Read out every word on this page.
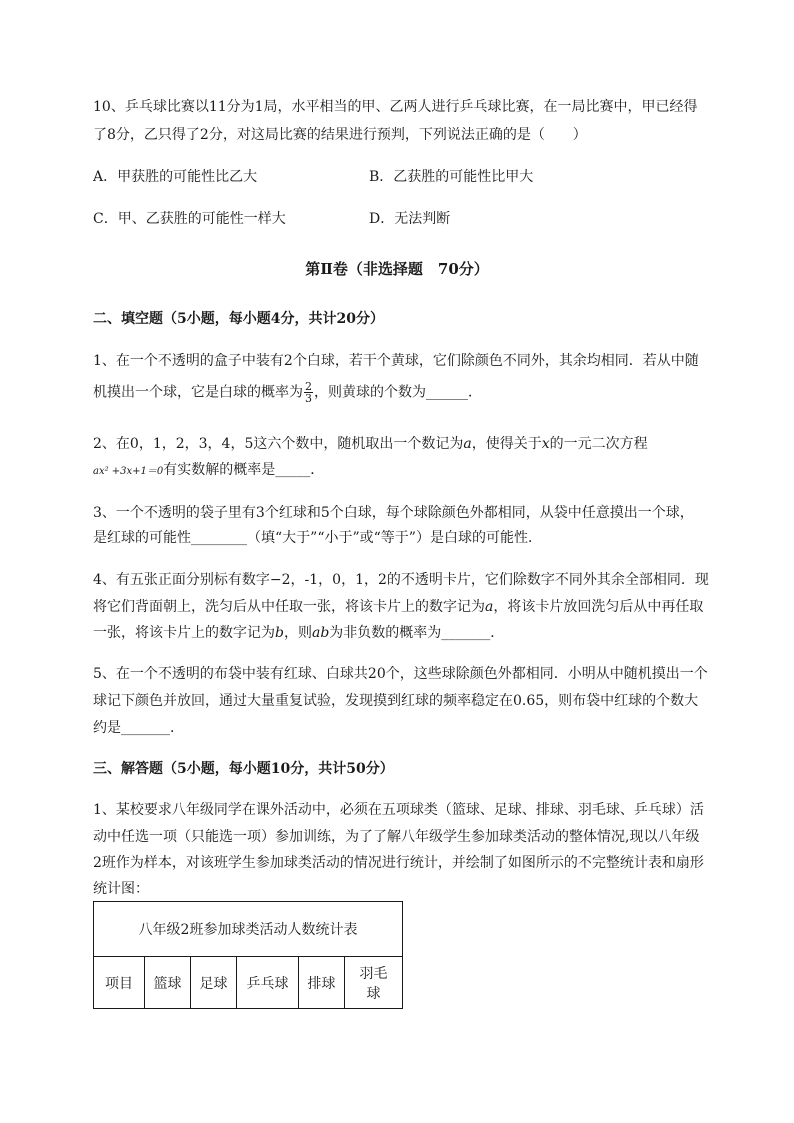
10、乒乓球比赛以11分为1局，水平相当的甲、乙两人进行乒乓球比赛，在一局比赛中，甲已经得
了8分，乙只得了2分，对这局比赛的结果进行预判，下列说法正确的是（　　）
A．甲获胜的可能性比乙大	B．乙获胜的可能性比甲大
C．甲、乙获胜的可能性一样大	D．无法判断
第Ⅱ卷（非选择题　70分）
二、填空题（5小题，每小题4分，共计20分）
1、在一个不透明的盒子中装有2个白球，若干个黄球，它们除颜色不同外，其余均相同．若从中随
机摸出一个球，它是白球的概率为 $\frac{2}{3}$ ，则黄球的个数为______．
2、在0，1，2，3，4，5这六个数中，随机取出一个数记为a，使得关于x的一元二次方程
ax² +3x+1＝0有实数解的概率是_____．
3、一个不透明的袋子里有3个红球和5个白球，每个球除颜色外都相同，从袋中任意摸出一个球，
是红球的可能性________（填“大于”“小于”或“等于”）是白球的可能性．
4、有五张正面分别标有数字−2，-1，0，1，2的不透明卡片，它们除数字不同外其余全部相同．现
将它们背面朝上，洗匀后从中任取一张，将该卡片上的数字记为a，将该卡片放回洗匀后从中再任取
一张，将该卡片上的数字记为b，则ab为非负数的概率为_______．
5、在一个不透明的布袋中装有红球、白球共20个，这些球除颜色外都相同．小明从中随机摸出一个
球记下颜色并放回，通过大量重复试验，发现摸到红球的频率稳定在0.65，则布袋中红球的个数大
约是_______．
三、解答题（5小题，每小题10分，共计50分）
1、某校要求八年级同学在课外活动中，必须在五项球类（篮球、足球、排球、羽毛球、乒乓球）活
动中任选一项（只能选一项）参加训练，为了了解八年级学生参加球类活动的整体情况,现以八年级
2班作为样本，对该班学生参加球类活动的情况进行统计，并绘制了如图所示的不完整统计表和扇形
统计图：
八年级2班参加球类活动人数统计表
项目	篮球	足球	乒乓球	排球	羽毛球
